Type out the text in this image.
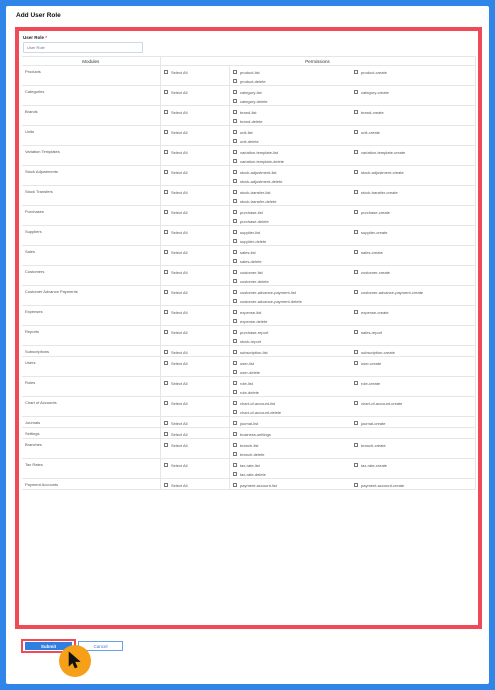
Add User Role
User Role *
User Role
Modules	Permissions	
Products	Select All	product-list product-create
product-delete

Categories	Select All	category-list category-create
category-delete

Brands	Select All	brand-list brand-create
brand-delete

Units	Select All	unit-list unit-create
unit-delete

Variation Templates	Select All	variation-template-list variation-template-create
variation-template-delete

Stock Adjustments	Select All	stock-adjustment-list stock-adjustment-create
stock-adjustment-delete

Stock Transfers	Select All	stock-transfer-list stock-transfer-create
stock-transfer-delete

Purchases	Select All	purchase-list purchase-create
purchase-delete

Suppliers	Select All	supplier-list supplier-create
supplier-delete

Sales	Select All	sales-list sales-create
sales-delete

Customers	Select All	customer-list customer-create
customer-delete

Customer Advance Payments	Select All	customer-advance-payment-list customer-advance-payment-create
customer-advance-payment-delete

Expenses	Select All	expense-list expense-create
expense-delete

Reports	Select All	purchase-report sales-report
stock-report

Subscriptions	Select All	subscription-list subscription-create

Users	Select All	user-list user-create
user-delete

Roles	Select All	role-list role-create
role-delete

Chart of Accounts	Select All	chart-of-account-list chart-of-account-create
chart-of-account-delete

Journals	Select All	journal-list journal-create

Settings	Select All	business-settings

Branches	Select All	branch-list branch-create
branch-delete

Tax Rates	Select All	tax-rate-list tax-rate-create
tax-rate-delete

Payment Accounts	Select All	payment-account-list payment-account-create
Submit	Cancel
